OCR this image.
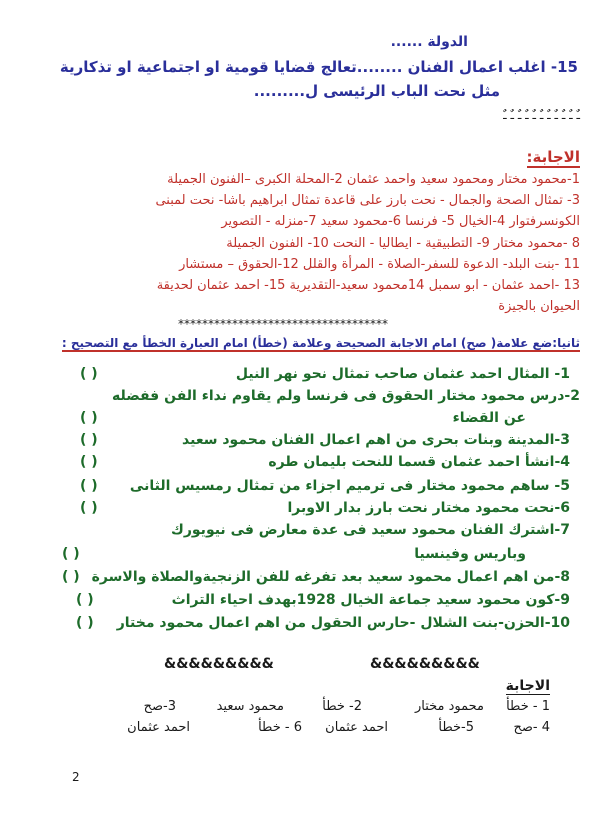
الدولة ......
15- اغلب اعمال الفنان ........تعالج قضايا قومية او اجتماعية او تذكارية
مثل نحت الباب الرئيسى ل.........
ـٌ ـٌ ـٌ ـٌ ـٌ ـٌ ـٌ ـٌ ـٌ ـٌ ـٌ
الاجابة:
1-محمود مختار ومحمود سعيد واحمد عثمان 2-المحلة الكبرى –الفنون الجميلة
3- تمثال الصحة والجمال - نحت بارز على قاعدة تمثال ابراهيم باشا- نحت لمبنى
الكونسرفتوار 4-الخيال 5- فرنسا 6-محمود سعيد 7-منزله - التصوير
8 -محمود مختار 9- التطبيقية - ايطاليا - النحت 10- الفنون الجميلة
11 -بنت البلد- الدعوة للسفر-الصلاة - المرأة والقلل 12-الحقوق – مستشار
13 -احمد عثمان - ابو سمبل 14محمود سعيد-التقديرية 15- احمد عثمان لحديقة
الحيوان بالجيزة
***********************************
ثانيا:ضع علامة( صح) امام الاجابة الصحيحة وعلامة (خطأ) امام العبارة الخطأ مع التصحيح :
1- المثال احمد عثمان صاحب تمثال نحو نهر النيل
( )
2-درس محمود مختار الحقوق فى فرنسا ولم يقاوم نداء الفن ففضله
عن القضاء
( )
3-المدينة وبنات بحرى من اهم اعمال الفنان محمود سعيد
( )
4-انشأ احمد عثمان قسما للنحت بليمان طره
( )
5- ساهم محمود مختار فى ترميم اجزاء من تمثال رمسيس الثانى
( )
6-نحت محمود مختار نحت بارز بدار الاوبرا
( )
7-اشترك الفنان محمود سعيد فى عدة معارض فى نيويورك
وباريس وفينسيا
( )
8-من اهم اعمال محمود سعيد بعد تفرغه للفن الزنجيةوالصلاة والاسرة
( )
9-كون محمود سعيد جماعة الخيال 1928بهدف احياء التراث
( )
10-الحزن-بنت الشلال -حارس الحقول من اهم اعمال محمود مختار
( )
&&&&&&&&&	&&&&&&&&&
الاجابة
1 - خطأ
محمود مختار
2- خطأ
محمود سعيد
3-صح
4 -صح
5-خطأ
احمد عثمان
6 - خطأ
احمد عثمان
2
